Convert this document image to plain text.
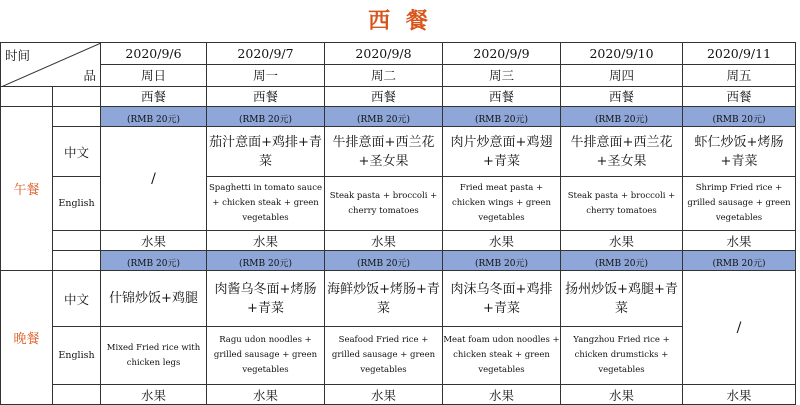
西 餐
时间
品		2020/9/6	2020/9/7	2020/9/8	2020/9/9	2020/9/10	2020/9/11
		周日	周一	周二	周三	周四	周五
		西餐	西餐	西餐	西餐	西餐	西餐
午餐		(RMB 20元)	(RMB 20元)	(RMB 20元)	(RMB 20元)	(RMB 20元)	(RMB 20元)
	中文	/	茄汁意面+鸡排+青菜	牛排意面+西兰花+圣女果	肉片炒意面+鸡翅+青菜	牛排意面+西兰花+圣女果	虾仁炒饭+烤肠+青菜
	English		Spaghetti in tomato sauce + chicken steak + green vegetables	Steak pasta + broccoli + cherry tomatoes	Fried meat pasta + chicken wings + green vegetables	Steak pasta + broccoli + cherry tomatoes	Shrimp Fried rice + grilled sausage + green vegetables
		水果	水果	水果	水果	水果	水果
		(RMB 20元)	(RMB 20元)	(RMB 20元)	(RMB 20元)	(RMB 20元)	(RMB 20元)
晚餐	中文	什锦炒饭+鸡腿	肉酱乌冬面+烤肠+青菜	海鲜炒饭+烤肠+青菜	肉沫乌冬面+鸡排+青菜	扬州炒饭+鸡腿+青菜	/
	English	Mixed Fried rice with chicken legs	Ragu udon noodles + grilled sausage + green vegetables	Seafood Fried rice + grilled sausage + green vegetables	Meat foam udon noodles + chicken steak + green vegetables	Yangzhou Fried rice + chicken drumsticks + vegetables	
		水果	水果	水果	水果	水果	水果
